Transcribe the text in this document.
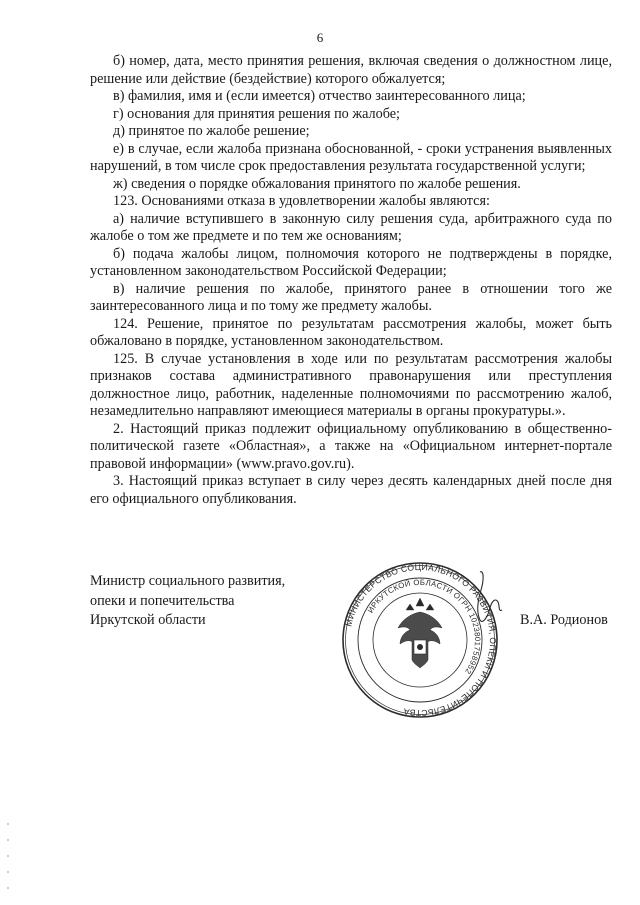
6

б) номер, дата, место принятия решения, включая сведения о должностном лице, решение или действие (бездействие) которого обжалуется;

в) фамилия, имя и (если имеется) отчество заинтересованного лица;

г) основания для принятия решения по жалобе;

д) принятое по жалобе решение;

е) в случае, если жалоба признана обоснованной, - сроки устранения выявленных нарушений, в том числе срок предоставления результата государственной услуги;

ж) сведения о порядке обжалования принятого по жалобе решения.

123. Основаниями отказа в удовлетворении жалобы являются:

а) наличие вступившего в законную силу решения суда, арбитражного суда по жалобе о том же предмете и по тем же основаниям;

б) подача жалобы лицом, полномочия которого не подтверждены в порядке, установленном законодательством Российской Федерации;

в) наличие решения по жалобе, принятого ранее в отношении того же заинтересованного лица и по тому же предмету жалобы.

124. Решение, принятое по результатам рассмотрения жалобы, может быть обжаловано в порядке, установленном законодательством.

125. В случае установления в ходе или по результатам рассмотрения жалобы признаков состава административного правонарушения или преступления должностное лицо, работник, наделенные полномочиями по рассмотрению жалоб, незамедлительно направляют имеющиеся материалы в органы прокуратуры.».

2. Настоящий приказ подлежит официальному опубликованию в общественно-политической газете «Областная», а также на «Официальном интернет-портале правовой информации» (www.pravo.gov.ru).

3. Настоящий приказ вступает в силу через десять календарных дней после дня его официального опубликования.

Министр социального развития,
опеки и попечительства
Иркутской области	МИНИСТЕРСТВО СОЦИАЛЬНОГО РАЗВИТИЯ, ОПЕКИ И ПОПЕЧИТЕЛЬСТВА
ИРКУТСКОЙ ОБЛАСТИ ОГРН 1023801758952
В.А. Родионов
